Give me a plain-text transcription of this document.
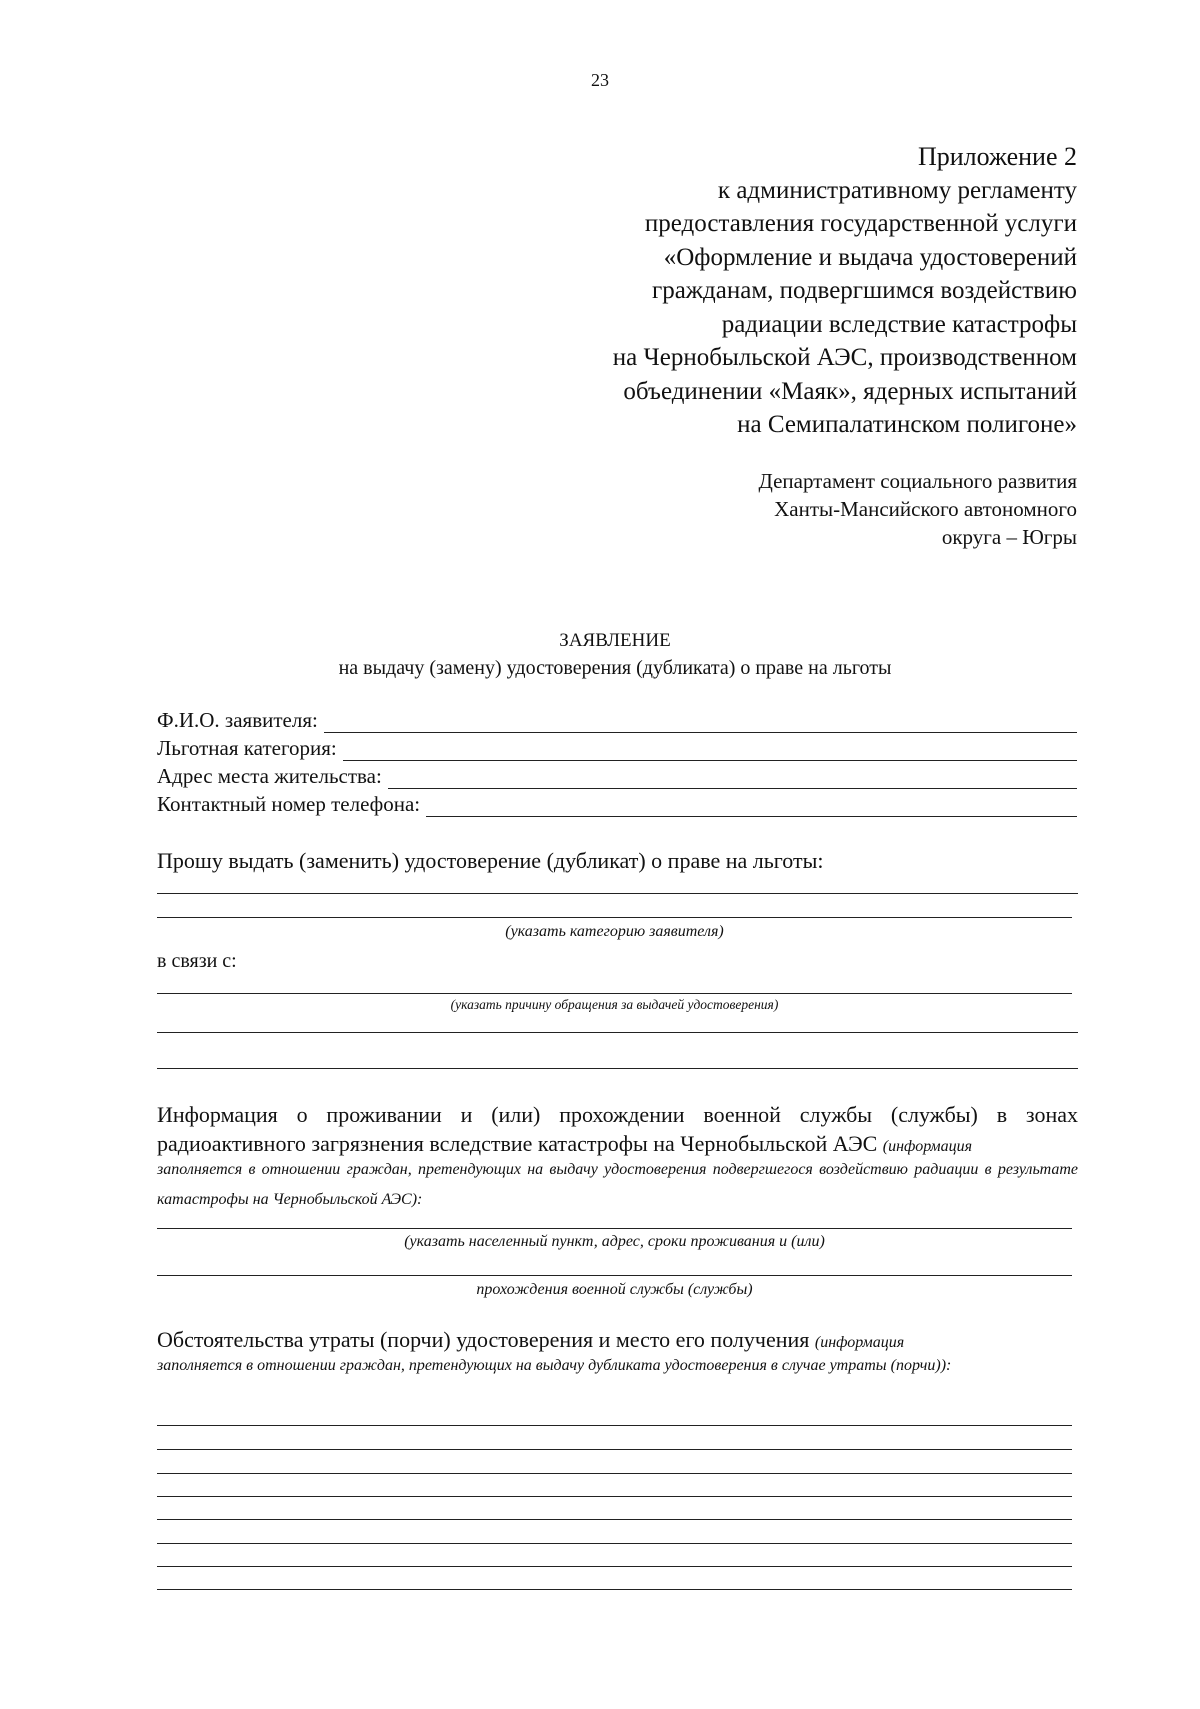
23
Приложение 2
к административному регламенту
предоставления государственной услуги
«Оформление и выдача удостоверений
гражданам, подвергшимся воздействию
радиации вследствие катастрофы
на Чернобыльской АЭС, производственном
объединении «Маяк», ядерных испытаний
на Семипалатинском полигоне»
Департамент социального развития
Ханты-Мансийского автономного
округа – Югры
ЗАЯВЛЕНИЕ
на выдачу (замену) удостоверения (дубликата) о праве на льготы
Ф.И.О. заявителя:
Льготная категория:
Адрес места жительства:
Контактный номер телефона:
Прошу выдать (заменить) удостоверение (дубликат) о праве на льготы:
(указать категорию заявителя)
в связи с:
(указать причину обращения за выдачей удостоверения)
Информация о проживании и (или) прохождении военной службы (службы) в зонах радиоактивного загрязнения вследствие катастрофы на Чернобыльской АЭС (информация
заполняется в отношении граждан, претендующих на выдачу удостоверения подвергшегося воздействию радиации в результате катастрофы на Чернобыльской АЭС):
(указать населенный пункт, адрес, сроки проживания и (или)
прохождения военной службы (службы)
Обстоятельства утраты (порчи) удостоверения и место его получения (информация
заполняется в отношении граждан, претендующих на выдачу дубликата удостоверения в случае утраты (порчи)):
